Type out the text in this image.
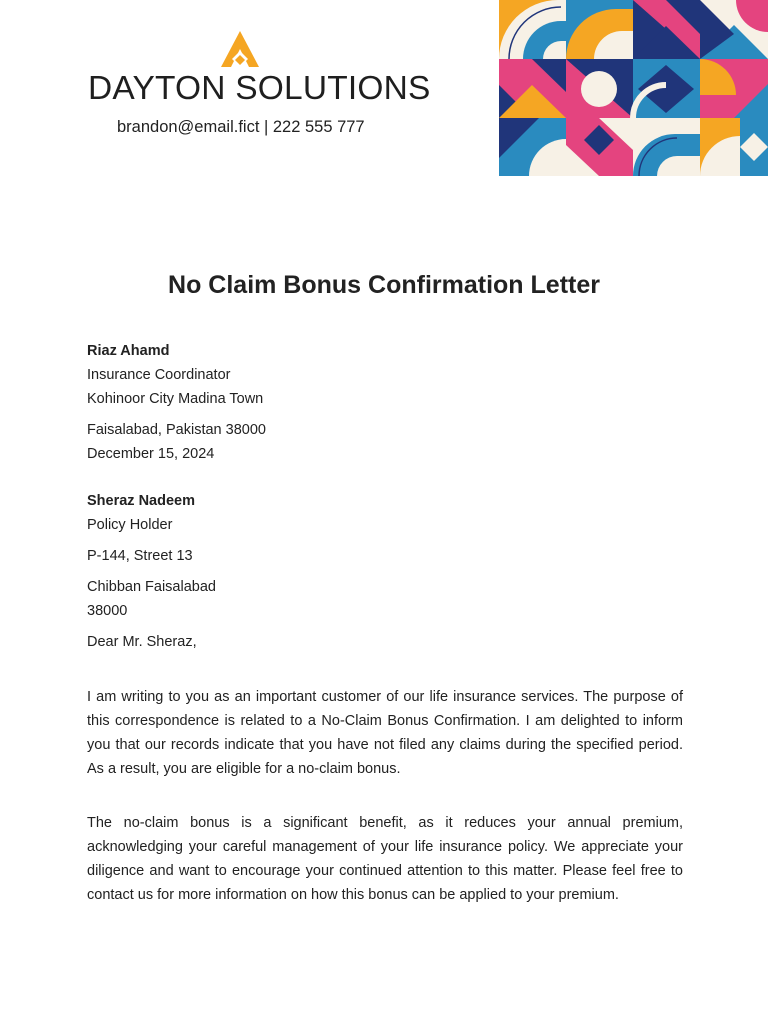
DAYTON SOLUTIONS
brandon@email.fict | 222 555 777
No Claim Bonus Confirmation Letter
Riaz Ahamd
Insurance Coordinator
Kohinoor City Madina Town
Faisalabad, Pakistan 38000
December 15, 2024
Sheraz Nadeem
Policy Holder
P-144, Street 13
Chibban Faisalabad
38000
Dear Mr. Sheraz,
I am writing to you as an important customer of our life insurance services. The purpose of this correspondence is related to a No-Claim Bonus Confirmation. I am delighted to inform you that our records indicate that you have not filed any claims during the specified period. As a result, you are eligible for a no-claim bonus.
The no-claim bonus is a significant benefit, as it reduces your annual premium, acknowledging your careful management of your life insurance policy. We appreciate your diligence and want to encourage your continued attention to this matter. Please feel free to contact us for more information on how this bonus can be applied to your premium.
